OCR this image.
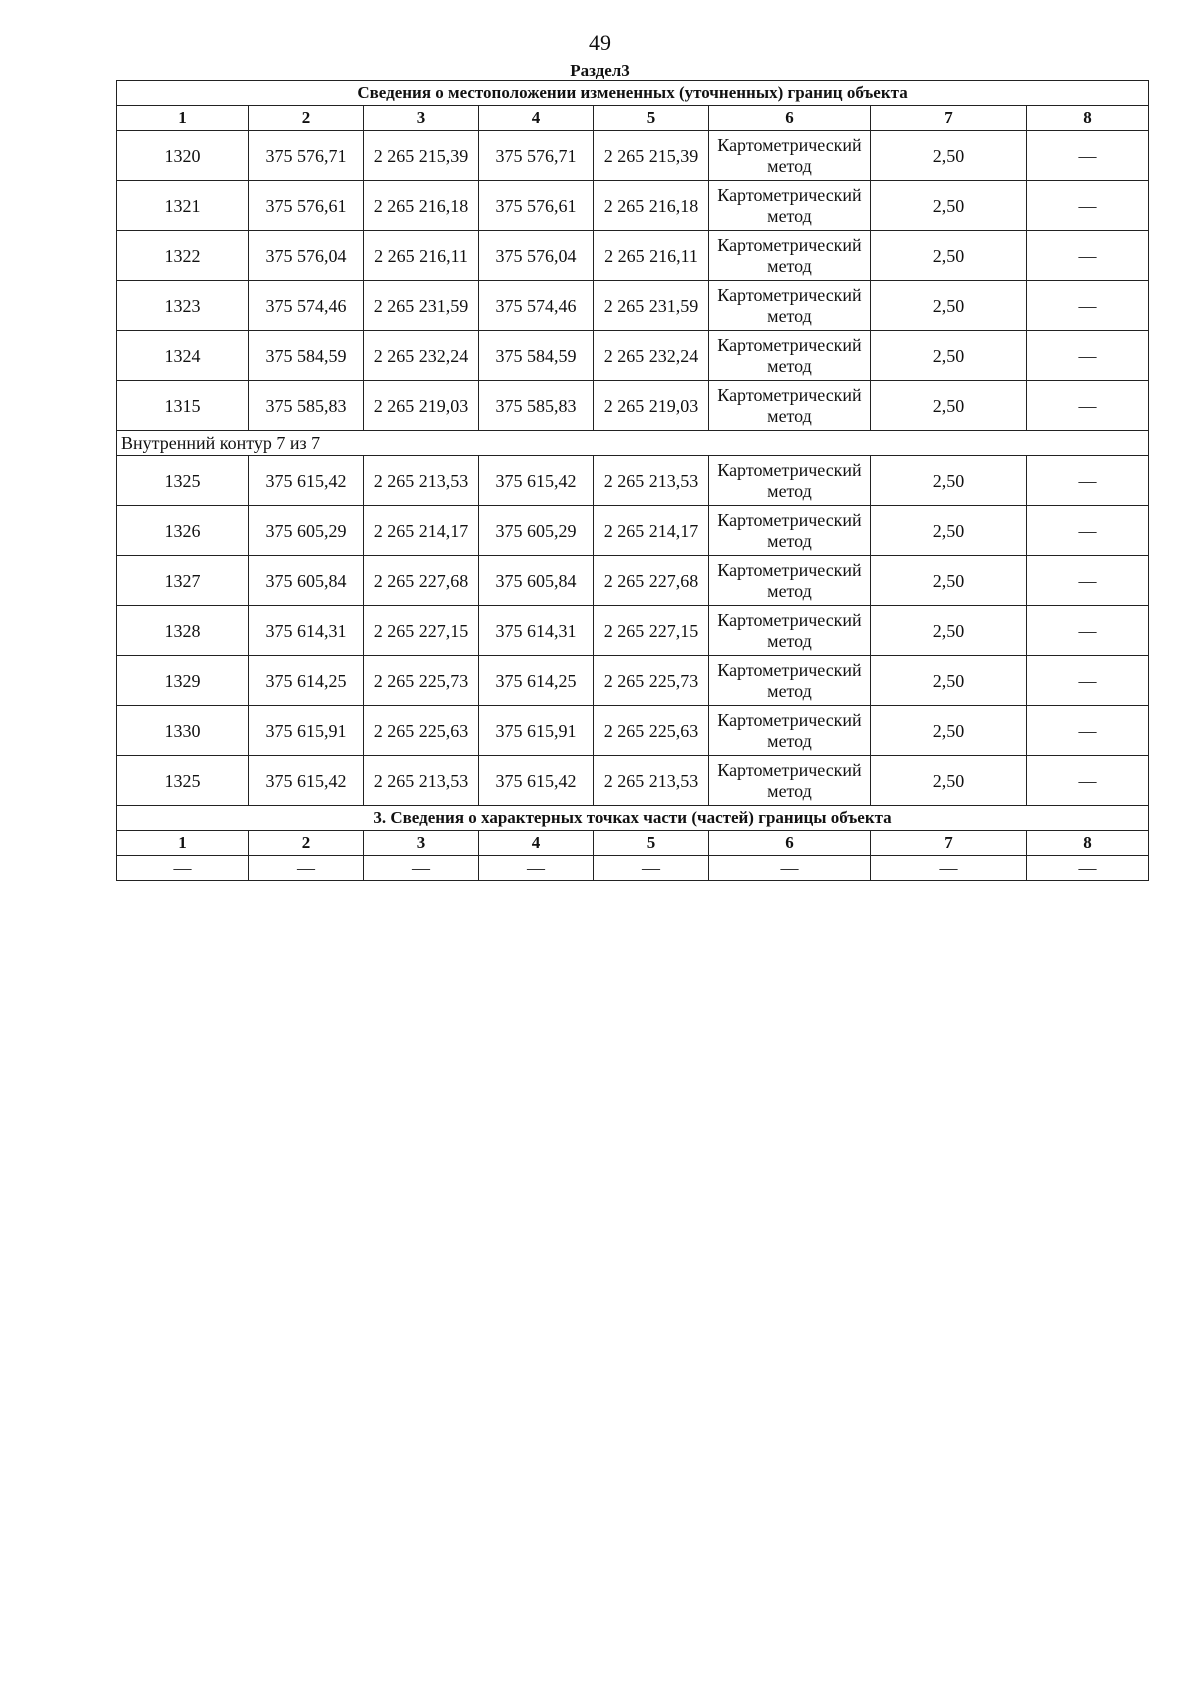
49
Раздел3
Сведения о местоположении измененных (уточненных) границ объекта							
1	2	3	4	5	6	7	8
1320	375 576,71	2 265 215,39	375 576,71	2 265 215,39	Картометрический метод	2,50	—
1321	375 576,61	2 265 216,18	375 576,61	2 265 216,18	Картометрический метод	2,50	—
1322	375 576,04	2 265 216,11	375 576,04	2 265 216,11	Картометрический метод	2,50	—
1323	375 574,46	2 265 231,59	375 574,46	2 265 231,59	Картометрический метод	2,50	—
1324	375 584,59	2 265 232,24	375 584,59	2 265 232,24	Картометрический метод	2,50	—
1315	375 585,83	2 265 219,03	375 585,83	2 265 219,03	Картометрический метод	2,50	—
Внутренний контур 7 из 7							
1325	375 615,42	2 265 213,53	375 615,42	2 265 213,53	Картометрический метод	2,50	—
1326	375 605,29	2 265 214,17	375 605,29	2 265 214,17	Картометрический метод	2,50	—
1327	375 605,84	2 265 227,68	375 605,84	2 265 227,68	Картометрический метод	2,50	—
1328	375 614,31	2 265 227,15	375 614,31	2 265 227,15	Картометрический метод	2,50	—
1329	375 614,25	2 265 225,73	375 614,25	2 265 225,73	Картометрический метод	2,50	—
1330	375 615,91	2 265 225,63	375 615,91	2 265 225,63	Картометрический метод	2,50	—
1325	375 615,42	2 265 213,53	375 615,42	2 265 213,53	Картометрический метод	2,50	—
3. Сведения о характерных точках части (частей) границы объекта							
1	2	3	4	5	6	7	8
—	—	—	—	—	—	—	—
